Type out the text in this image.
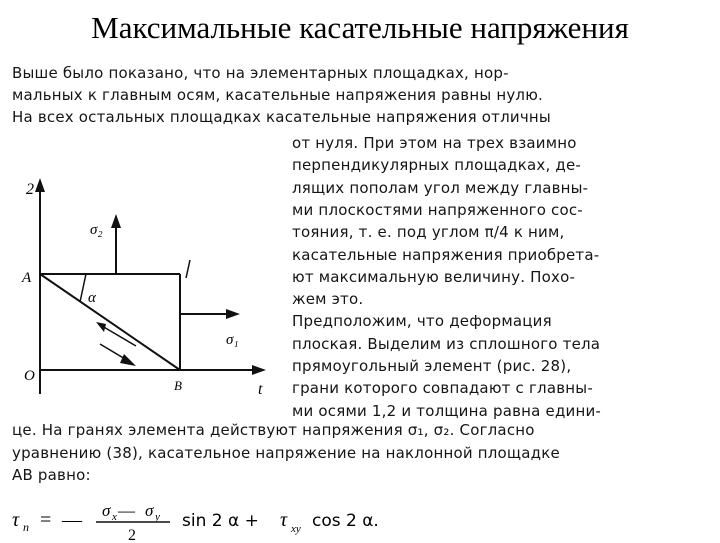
Максимальные касательные напряжения
Выше было показано, что на элементарных площадках, нор-
мальных к главным осям, касательные напряжения равны нулю.
На всех остальных площадках касательные напряжения отличны
2
t
O
A
B
α
σ₂
σ₁
от нуля. При этом на трех взаимно
перпендикулярных площадках, де-
лящих пополам угол между главны-
ми плоскостями напряженного сос-
тояния, т. е. под углом π/4 к ним,
касательные напряжения приобрета-
ют максимальную величину. Похо-
жем это.
Предположим, что деформация
плоская. Выделим из сплошного тела
прямоугольный элемент (рис. 28),
грани которого совпадают с главны-
ми осями 1,2 и толщина равна едини-
це. На гранях элемента действуют напряжения σ₁, σ₂. Согласно
уравнению (38), касательное напряжение на наклонной площадке
AB равно:
τ n = — σ x — σ y
2
sin 2 α + τ xy cos 2 α.
